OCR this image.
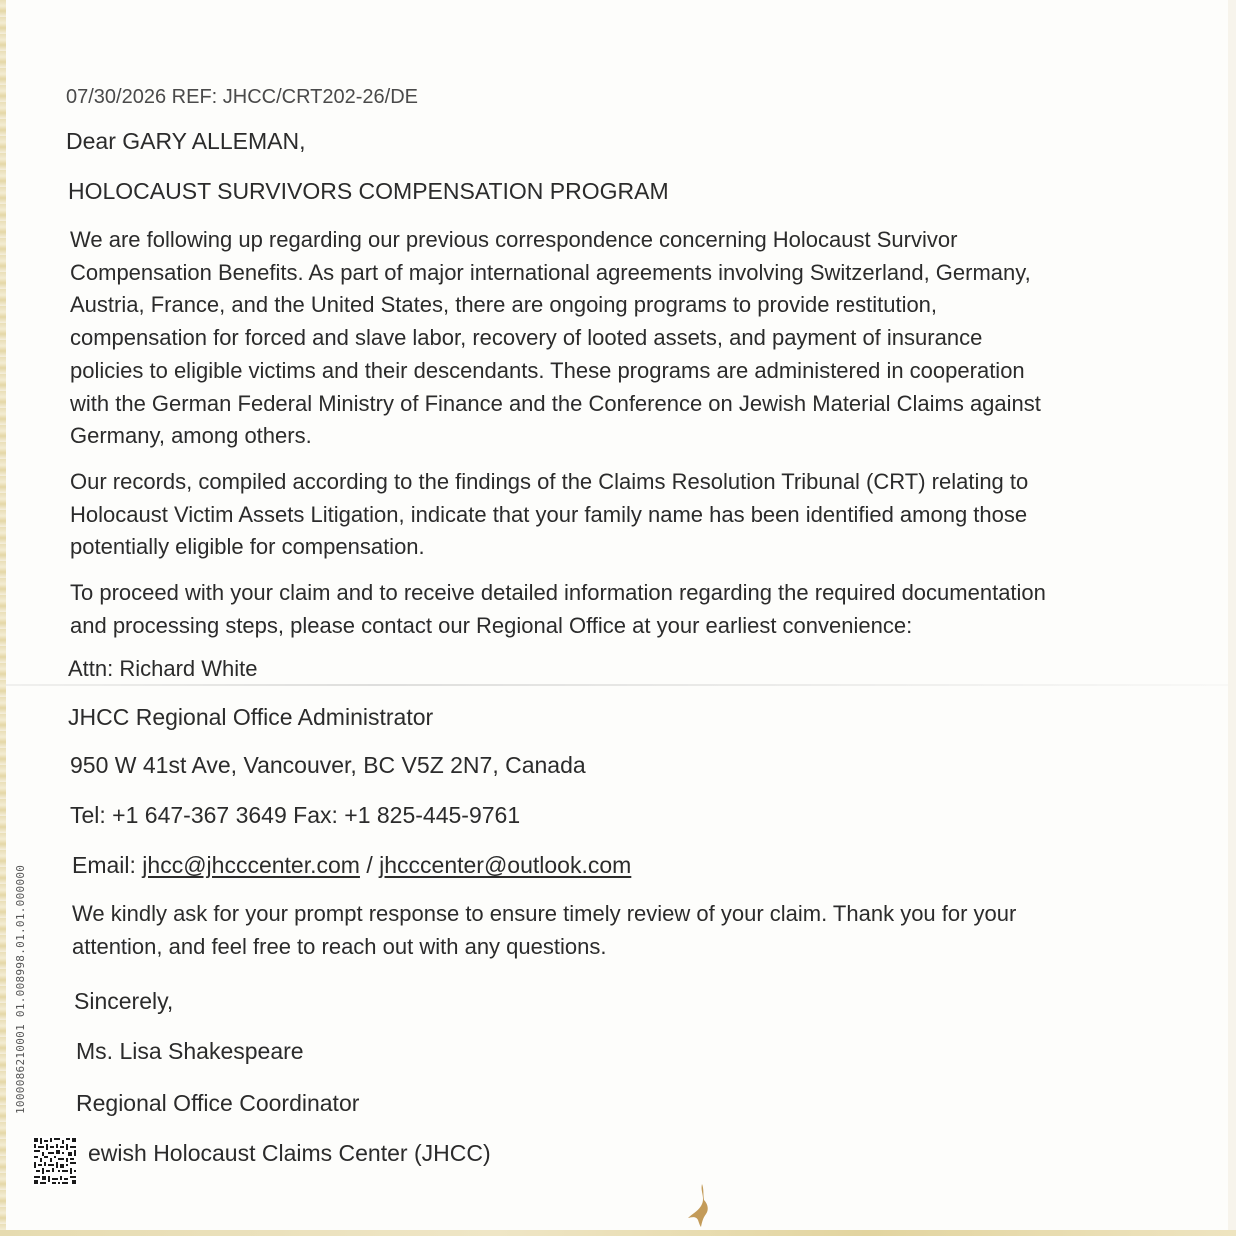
07/30/2026 REF: JHCC/CRT202-26/DE
Dear GARY ALLEMAN,
HOLOCAUST SURVIVORS COMPENSATION PROGRAM
We are following up regarding our previous correspondence concerning Holocaust Survivor
Compensation Benefits. As part of major international agreements involving Switzerland, Germany,
Austria, France, and the United States, there are ongoing programs to provide restitution,
compensation for forced and slave labor, recovery of looted assets, and payment of insurance
policies to eligible victims and their descendants. These programs are administered in cooperation
with the German Federal Ministry of Finance and the Conference on Jewish Material Claims against
Germany, among others.
Our records, compiled according to the findings of the Claims Resolution Tribunal (CRT) relating to
Holocaust Victim Assets Litigation, indicate that your family name has been identified among those
potentially eligible for compensation.
To proceed with your claim and to receive detailed information regarding the required documentation
and processing steps, please contact our Regional Office at your earliest convenience:
Attn: Richard White
JHCC Regional Office Administrator
950 W 41st Ave, Vancouver, BC V5Z 2N7, Canada
Tel: +1 647-367 3649 Fax: +1 825-445-9761
Email: jhcc@jhcccenter.com / jhcccenter@outlook.com
We kindly ask for your prompt response to ensure timely review of your claim. Thank you for your
attention, and feel free to reach out with any questions.
Sincerely,
Ms. Lisa Shakespeare
Regional Office Coordinator
ewish Holocaust Claims Center (JHCC)
1000086210001 01.008998.01.01.000000
